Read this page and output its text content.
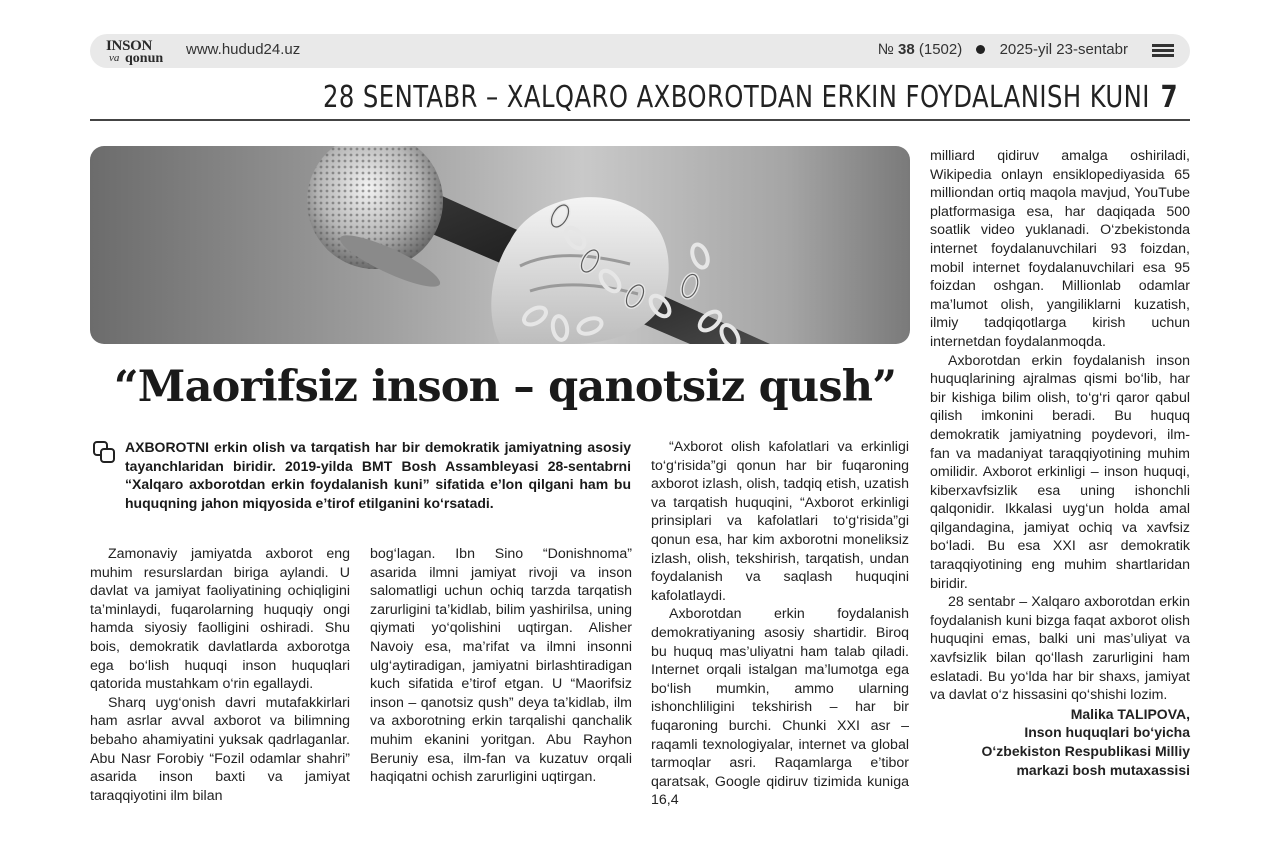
INSON
va qonun
www.hudud24.uz	№ 38 (1502) 2025-yil 23-sentabr
28 SENTABR – XALQARO AXBOROTDAN ERKIN FOYDALANISH KUNI 7
“Maorifsiz inson – qanotsiz qush”
AXBOROTNI erkin olish va tarqatish har bir demokratik jamiyatning asosiy tayanchlaridan biridir. 2019-yilda BMT Bosh Assambleyasi 28-sentabrni “Xalqaro axborotdan erkin foydalanish kuni” sifatida e’lon qilgani ham bu huquqning jahon miqyosida e’tirof etilganini ko‘rsatadi.

Zamonaviy jamiyatda axborot eng muhim resurslardan biriga aylandi. U davlat va jamiyat faoliyatining ochiqligini ta’minlaydi, fuqarolarning huquqiy ongi hamda siyosiy faolligini oshiradi. Shu bois, demokratik davlatlarda axborotga ega bo‘lish huquqi inson huquqlari qatorida mustahkam o‘rin egallaydi.

Sharq uyg‘onish davri mutafakkirlari ham asrlar avval axborot va bilimning bebaho ahamiyatini yuksak qadrlaganlar. Abu Nasr Forobiy “Fozil odamlar shahri” asarida inson baxti va jamiyat taraqqiyotini ilm bilan

bog‘lagan. Ibn Sino “Donishnoma” asarida ilmni jamiyat rivoji va inson salomatligi uchun ochiq tarzda tarqatish zarurligini ta’kidlab, bilim yashirilsa, uning qiymati yo‘qolishini uqtirgan. Alisher Navoiy esa, ma’rifat va ilmni insonni ulg‘aytiradigan, jamiyatni birlashtiradigan kuch sifatida e’tirof etgan. U “Maorifsiz inson – qanotsiz qush” deya ta’kidlab, ilm va axborotning erkin tarqalishi qanchalik muhim ekanini yoritgan. Abu Rayhon Beruniy esa, ilm-fan va kuzatuv orqali haqiqatni ochish zarurligini uqtirgan.

“Axborot olish kafolatlari va erkinligi to‘g‘risida”gi qonun har bir fuqaroning axborot izlash, olish, tadqiq etish, uzatish va tarqatish huquqini, “Axborot erkinligi prinsiplari va kafolatlari to‘g‘risida”gi qonun esa, har kim axborotni moneliksiz izlash, olish, tekshirish, tarqatish, undan foydalanish va saqlash huquqini kafolatlaydi.

Axborotdan erkin foydalanish demokratiyaning asosiy shartidir. Biroq bu huquq mas’uliyatni ham talab qiladi. Internet orqali istalgan ma’lumotga ega bo‘lish mumkin, ammo ularning ishonchliligini tekshirish – har bir fuqaroning burchi. Chunki XXI asr – raqamli texnologiyalar, internet va global tarmoqlar asri. Raqamlarga e’tibor qaratsak, Google qidiruv tizimida kuniga 16,4

milliard qidiruv amalga oshiriladi, Wikipedia onlayn ensiklopediyasida 65 milliondan ortiq maqola mavjud, YouTube platformasiga esa, har daqiqada 500 soatlik video yuklanadi. O‘zbekistonda internet foydalanuvchilari 93 foizdan, mobil internet foydalanuvchilari esa 95 foizdan oshgan. Millionlab odamlar ma’lumot olish, yangiliklarni kuzatish, ilmiy tadqiqotlarga kirish uchun internetdan foydalanmoqda.

Axborotdan erkin foydalanish inson huquqlarining ajralmas qismi bo‘lib, har bir kishiga bilim olish, to‘g‘ri qaror qabul qilish imkonini beradi. Bu huquq demokratik jamiyatning poydevori, ilm-fan va madaniyat taraqqiyotining muhim omilidir. Axborot erkinligi – inson huquqi, kiberxavfsizlik esa uning ishonchli qalqonidir. Ikkalasi uyg‘un holda amal qilgandagina, jamiyat ochiq va xavfsiz bo‘ladi. Bu esa XXI asr demokratik taraqqiyotining eng muhim shartlaridan biridir.

28 sentabr – Xalqaro axborotdan erkin foydalanish kuni bizga faqat axborot olish huquqini emas, balki uni mas’uliyat va xavfsizlik bilan qo‘llash zarurligini ham eslatadi. Bu yo‘lda har bir shaxs, jamiyat va davlat o‘z hissasini qo‘shishi lozim.

Malika TALIPOVA,
Inson huquqlari bo‘yicha
O‘zbekiston Respublikasi Milliy
markazi bosh mutaxassisi
